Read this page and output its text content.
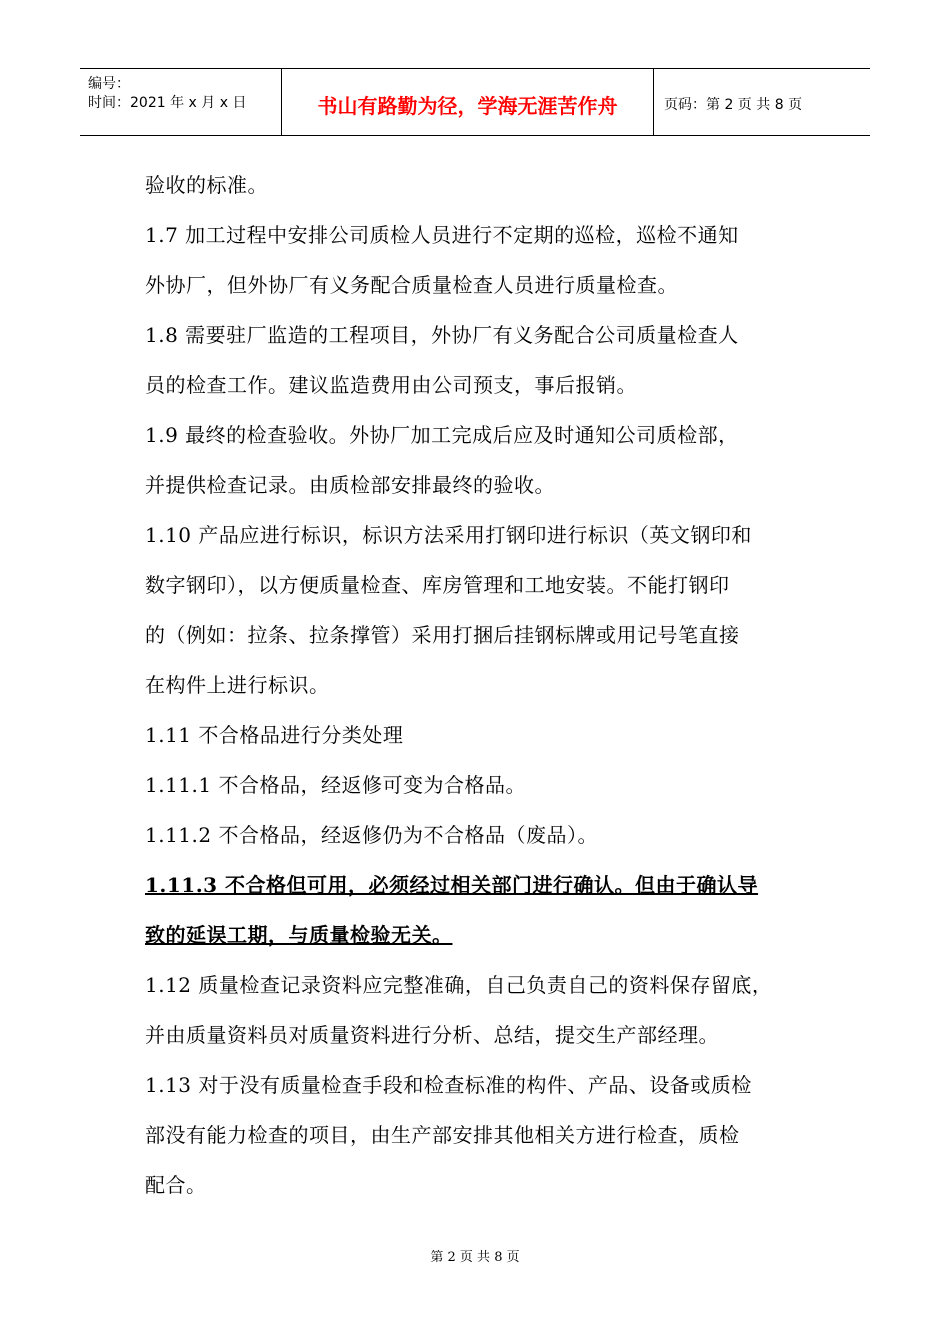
编号：
时间：2021 年 x 月 x 日	书山有路勤为径，学海无涯苦作舟	页码：第 2 页 共 8 页
验收的标准。
1.7 加工过程中安排公司质检人员进行不定期的巡检，巡检不通知
外协厂，但外协厂有义务配合质量检查人员进行质量检查。
1.8 需要驻厂监造的工程项目，外协厂有义务配合公司质量检查人
员的检查工作。建议监造费用由公司预支，事后报销。
1.9 最终的检查验收。外协厂加工完成后应及时通知公司质检部，
并提供检查记录。由质检部安排最终的验收。
1.10 产品应进行标识，标识方法采用打钢印进行标识（英文钢印和
数字钢印），以方便质量检查、库房管理和工地安装。不能打钢印
的（例如：拉条、拉条撑管）采用打捆后挂钢标牌或用记号笔直接
在构件上进行标识。
1.11 不合格品进行分类处理
1.11.1 不合格品，经返修可变为合格品。
1.11.2 不合格品，经返修仍为不合格品（废品）。
1.11.3 不合格但可用，必须经过相关部门进行确认。但由于确认导
致的延误工期，与质量检验无关。
1.12 质量检查记录资料应完整准确，自己负责自己的资料保存留底，
并由质量资料员对质量资料进行分析、总结，提交生产部经理。
1.13 对于没有质量检查手段和检查标准的构件、产品、设备或质检
部没有能力检查的项目，由生产部安排其他相关方进行检查，质检
配合。
第 2 页 共 8 页
